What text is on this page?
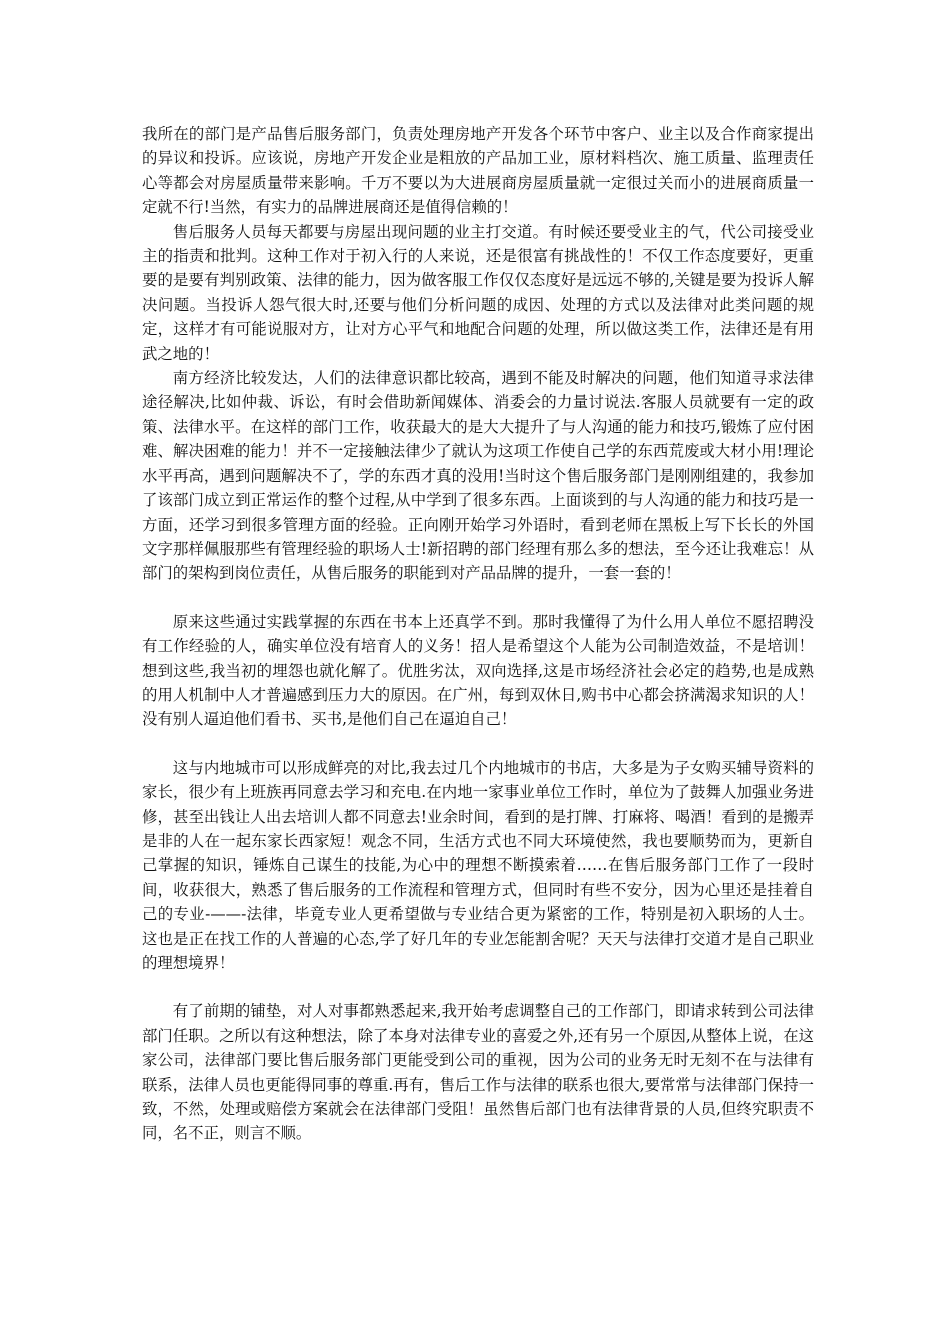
我所在的部门是产品售后服务部门，负责处理房地产开发各个环节中客户、业主以及合作商家提出的异议和投诉。应该说，房地产开发企业是粗放的产品加工业，原材料档次、施工质量、监理责任心等都会对房屋质量带来影响。千万不要以为大进展商房屋质量就一定很过关而小的进展商质量一定就不行!当然，有实力的品牌进展商还是值得信赖的！

售后服务人员每天都要与房屋出现问题的业主打交道。有时候还要受业主的气，代公司接受业主的指责和批判。这种工作对于初入行的人来说，还是很富有挑战性的！不仅工作态度要好，更重要的是要有判别政策、法律的能力，因为做客服工作仅仅态度好是远远不够的,关键是要为投诉人解决问题。当投诉人怨气很大时,还要与他们分析问题的成因、处理的方式以及法律对此类问题的规定，这样才有可能说服对方，让对方心平气和地配合问题的处理，所以做这类工作，法律还是有用武之地的！

南方经济比较发达，人们的法律意识都比较高，遇到不能及时解决的问题，他们知道寻求法律途径解决,比如仲裁、诉讼，有时会借助新闻媒体、消委会的力量讨说法.客服人员就要有一定的政策、法律水平。在这样的部门工作，收获最大的是大大提升了与人沟通的能力和技巧,锻炼了应付困难、解决困难的能力！并不一定接触法律少了就认为这项工作使自己学的东西荒废或大材小用!理论水平再高，遇到问题解决不了，学的东西才真的没用!当时这个售后服务部门是刚刚组建的，我参加了该部门成立到正常运作的整个过程,从中学到了很多东西。上面谈到的与人沟通的能力和技巧是一方面，还学习到很多管理方面的经验。正向刚开始学习外语时，看到老师在黑板上写下长长的外国文字那样佩服那些有管理经验的职场人士!新招聘的部门经理有那么多的想法，至今还让我难忘！从部门的架构到岗位责任，从售后服务的职能到对产品品牌的提升，一套一套的！

原来这些通过实践掌握的东西在书本上还真学不到。那时我懂得了为什么用人单位不愿招聘没有工作经验的人，确实单位没有培育人的义务！招人是希望这个人能为公司制造效益，不是培训！想到这些,我当初的埋怨也就化解了。优胜劣汰，双向选择,这是市场经济社会必定的趋势,也是成熟的用人机制中人才普遍感到压力大的原因。在广州，每到双休日,购书中心都会挤满渴求知识的人！没有别人逼迫他们看书、买书,是他们自己在逼迫自己！

这与内地城市可以形成鲜亮的对比,我去过几个内地城市的书店，大多是为子女购买辅导资料的家长，很少有上班族再同意去学习和充电.在内地一家事业单位工作时，单位为了鼓舞人加强业务进修，甚至出钱让人出去培训人都不同意去!业余时间，看到的是打牌、打麻将、喝酒！看到的是搬弄是非的人在一起东家长西家短！观念不同，生活方式也不同大环境使然，我也要顺势而为，更新自己掌握的知识，锤炼自己谋生的技能,为心中的理想不断摸索着……在售后服务部门工作了一段时间，收获很大，熟悉了售后服务的工作流程和管理方式，但同时有些不安分，因为心里还是挂着自己的专业-——-法律，毕竟专业人更希望做与专业结合更为紧密的工作，特别是初入职场的人士。这也是正在找工作的人普遍的心态,学了好几年的专业怎能割舍呢？天天与法律打交道才是自己职业的理想境界！

有了前期的铺垫，对人对事都熟悉起来,我开始考虑调整自己的工作部门，即请求转到公司法律部门任职。之所以有这种想法，除了本身对法律专业的喜爱之外,还有另一个原因,从整体上说，在这家公司，法律部门要比售后服务部门更能受到公司的重视，因为公司的业务无时无刻不在与法律有联系，法律人员也更能得同事的尊重.再有，售后工作与法律的联系也很大,要常常与法律部门保持一致，不然，处理或赔偿方案就会在法律部门受阻！虽然售后部门也有法律背景的人员,但终究职责不同，名不正，则言不顺。
